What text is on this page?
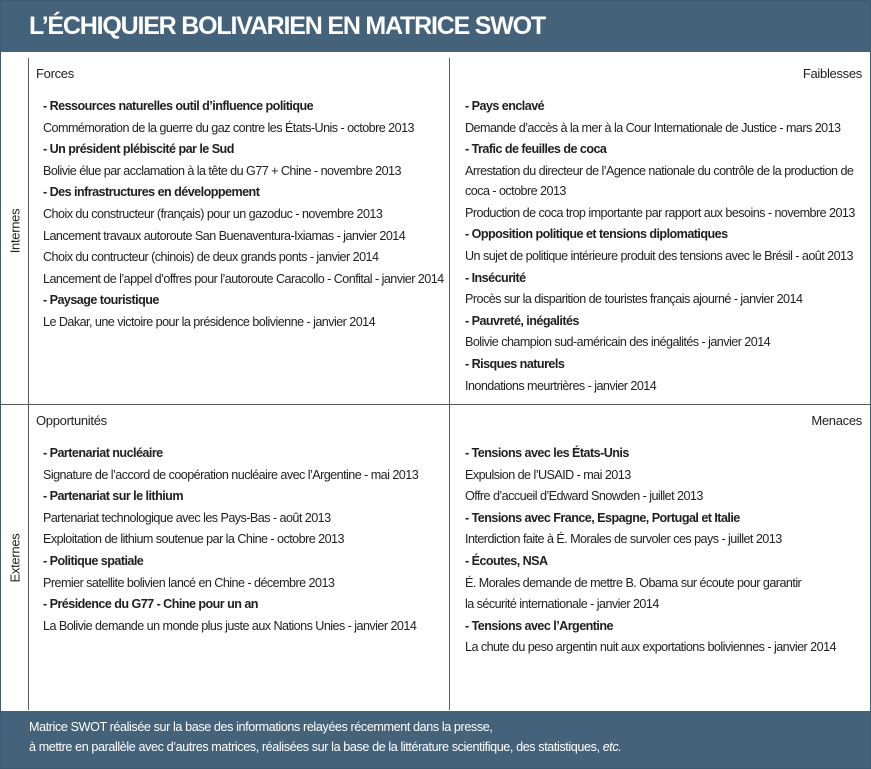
L’ÉCHIQUIER BOLIVARIEN EN MATRICE SWOT
Internes
Externes
Forces
- Ressources naturelles outil d’influence politique
Commémoration de la guerre du gaz contre les États-Unis - octobre 2013
- Un président plébiscité par le Sud
Bolivie élue par acclamation à la tête du G77 + Chine - novembre 2013
- Des infrastructures en développement
Choix du constructeur (français) pour un gazoduc - novembre 2013
Lancement travaux autoroute San Buenaventura-Ixiamas - janvier 2014
Choix du contructeur (chinois) de deux grands ponts - janvier 2014
Lancement de l’appel d’offres pour l’autoroute Caracollo - Confital - janvier 2014
- Paysage touristique
Le Dakar, une victoire pour la présidence bolivienne - janvier 2014
Faiblesses
- Pays enclavé
Demande d’accès à la mer à la Cour Internationale de Justice - mars 2013
- Trafic de feuilles de coca
Arrestation du directeur de l’Agence nationale du contrôle de la production de coca - octobre 2013
Production de coca trop importante par rapport aux besoins - novembre 2013
- Opposition politique et tensions diplomatiques
Un sujet de politique intérieure produit des tensions avec le Brésil - août 2013
- Insécurité
Procès sur la disparition de touristes français ajourné - janvier 2014
- Pauvreté, inégalités
Bolivie champion sud-américain des inégalités - janvier 2014
- Risques naturels
Inondations meurtrières - janvier 2014
Opportunités
- Partenariat nucléaire
Signature de l’accord de coopération nucléaire avec l’Argentine - mai 2013
- Partenariat sur le lithium
Partenariat technologique avec les Pays-Bas - août 2013
Exploitation de lithium soutenue par la Chine - octobre 2013
- Politique spatiale
Premier satellite bolivien lancé en Chine - décembre 2013
- Présidence du G77 - Chine pour un an
La Bolivie demande un monde plus juste aux Nations Unies - janvier 2014
Menaces
- Tensions avec les États-Unis
Expulsion de l’USAID - mai 2013
Offre d’accueil d’Edward Snowden - juillet 2013
- Tensions avec France, Espagne, Portugal et Italie
Interdiction faite à É. Morales de survoler ces pays - juillet 2013
- Écoutes, NSA
É. Morales demande de mettre B. Obama sur écoute pour garantir
la sécurité internationale - janvier 2014
- Tensions avec l’Argentine
La chute du peso argentin nuit aux exportations boliviennes - janvier 2014
Matrice SWOT réalisée sur la base des informations relayées récemment dans la presse,
à mettre en parallèle avec d’autres matrices, réalisées sur la base de la littérature scientifique, des statistiques, etc.
